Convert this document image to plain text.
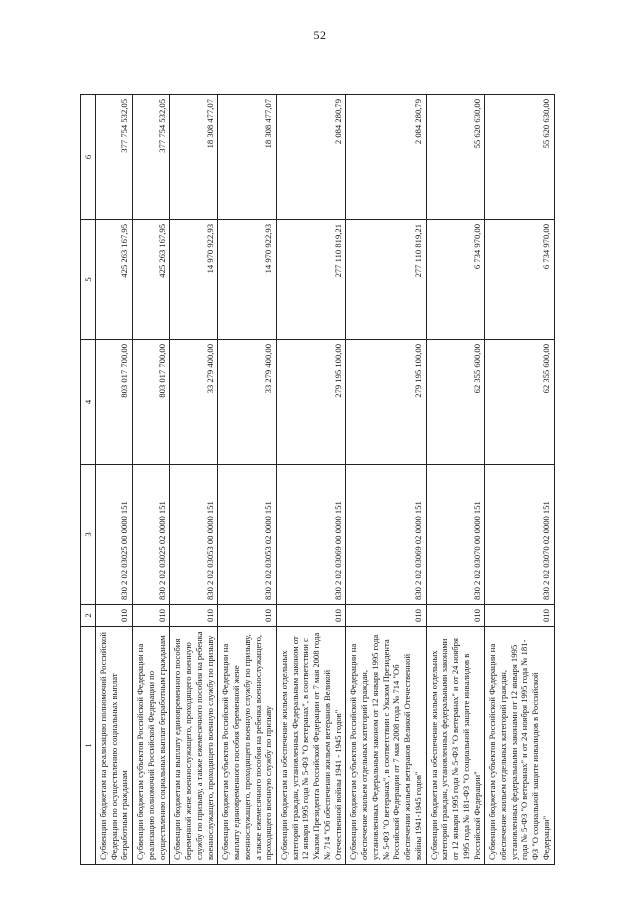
52
1	2	3	4	5	6
Субвенции бюджетам на реализацию полномочий Российской Федерации по осуществлению социальных выплат безработным гражданам	010	830 2 02 03025 00 0000 151	803 017 700,00	425 263 167,95	377 754 532,05
Субвенции бюджетам субъектов Российской Федерации на реализацию полномочий Российской Федерации по осуществлению социальных выплат безработным гражданам	010	830 2 02 03025 02 0000 151	803 017 700,00	425 263 167,95	377 754 532,05
Субвенции бюджетам на выплату единовременного пособия беременной жене военнослужащего, проходящего военную службу по призыву, а также ежемесячного пособия на ребенка военнослужащего, проходящего военную службу по призыву	010	830 2 02 03053 00 0000 151	33 279 400,00	14 970 922,93	18 308 477,07
Субвенции бюджетам субъектов Российской Федерации на выплату единовременного пособия беременной жене военнослужащего, проходящего военную службу по призыву, а также ежемесячного пособия на ребенка военнослужащего, проходящего военную службу по призыву	010	830 2 02 03053 02 0000 151	33 279 400,00	14 970 922,93	18 308 477,07
Субвенции бюджетам на обеспечение жильем отдельных категорий граждан, установленных Федеральным законом от 12 января 1995 года № 5-ФЗ "О ветеранах", в соответствии с Указом Президента Российской Федерации от 7 мая 2008 года № 714 "Об обеспечении жильем ветеранов Великой Отечественной войны 1941 - 1945 годов"	010	830 2 02 03069 00 0000 151	279 195 100,00	277 110 819,21	2 084 280,79
Субвенции бюджетам субъектов Российской Федерации на обеспечение жильем отдельных категорий граждан, установленных Федеральным законом от 12 января 1995 года № 5-ФЗ "О ветеранах", в соответствии с Указом Президента Российской Федерации от 7 мая 2008 года № 714 "Об обеспечении жильем ветеранов Великой Отечественной войны 1941-1945 годов"	010	830 2 02 03069 02 0000 151	279 195 100,00	277 110 819,21	2 084 280,79
Субвенции бюджетам на обеспечение жильем отдельных категорий граждан, установленных федеральными законами от 12 января 1995 года № 5-ФЗ "О ветеранах" и от 24 ноября 1995 года № 181-ФЗ "О социальной защите инвалидов в Российской Федерации"	010	830 2 02 03070 00 0000 151	62 355 600,00	6 734 970,00	55 620 630,00
Субвенции бюджетам субъектов Российской Федерации на обеспечение жильем отдельных категорий граждан, установленных федеральными законами от 12 января 1995 года № 5-ФЗ "О ветеранах" и от 24 ноября 1995 года № 181-ФЗ "О социальной защите инвалидов в Российской Федерации"	010	830 2 02 03070 02 0000 151	62 355 600,00	6 734 970,00	55 620 630,00
